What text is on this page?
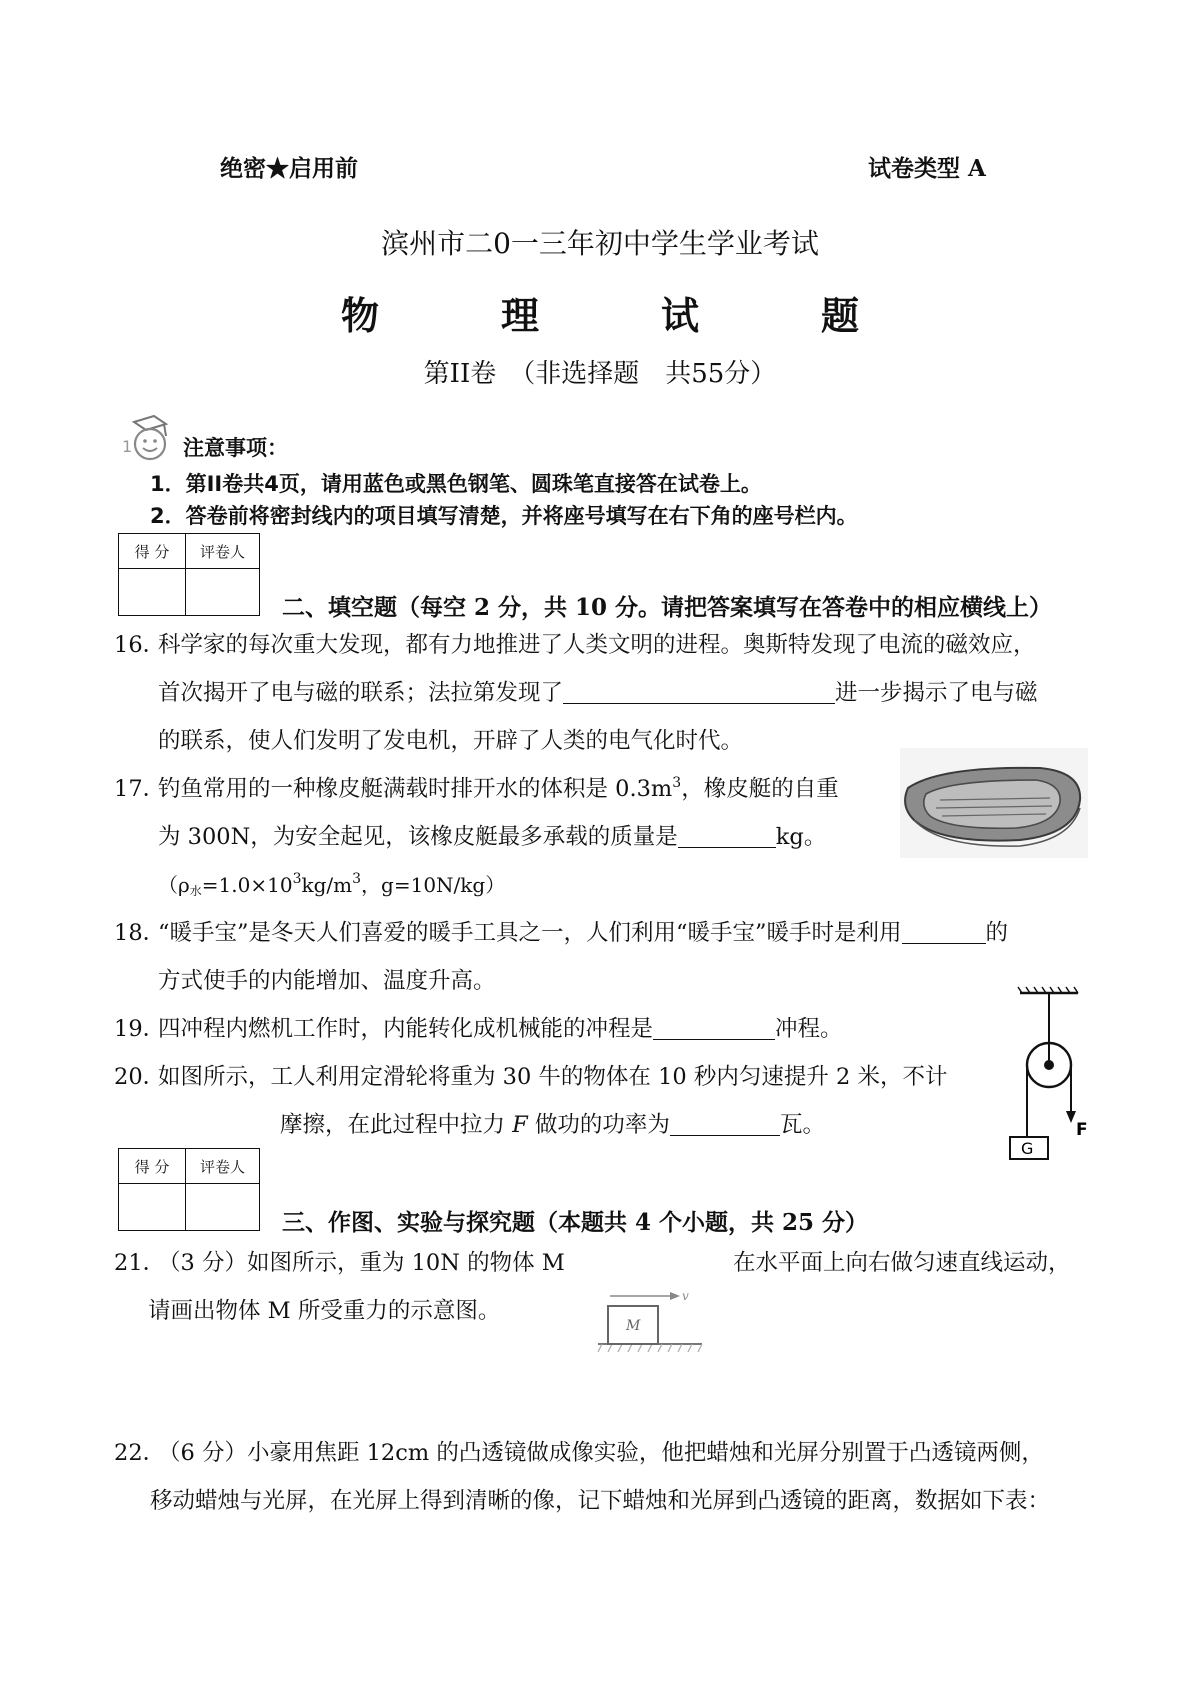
绝密★启用前	试卷类型 A
滨州市二0一三年初中学生学业考试
物　理　试　题
第II卷　（非选择题　共55分）
1 注意事项：
1．第II卷共4页，请用蓝色或黑色钢笔、圆珠笔直接答在试卷上。
2．答卷前将密封线内的项目填写清楚，并将座号填写在右下角的座号栏内。
得 分	评卷人

二、填空题（每空 2 分，共 10 分。请把答案填写在答卷中的相应横线上）
16．
科学家的每次重大发现，都有力地推进了人类文明的进程。奥斯特发现了电流的磁效应，
首次揭开了电与磁的联系；法拉第发现了	进一步揭示了电与磁
的联系，使人们发明了发电机，开辟了人类的电气化时代。
17．
钓鱼常用的一种橡皮艇满载时排开水的体积是 $0.3m^3$，橡皮艇的自重
为 300N，为安全起见，该橡皮艇最多承载的质量是	kg。
（$\rho_水=1.0\times 10^3kg/m^3$，g=10N/kg）
18．
“暖手宝”是冬天人们喜爱的暖手工具之一，人们利用“暖手宝”暖手时是利用	的
方式使手的内能增加、温度升高。
19．
四冲程内燃机工作时，内能转化成机械能的冲程是	冲程。
20．
如图所示，工人利用定滑轮将重为 30 牛的物体在 10 秒内匀速提升 2 米，不计
摩擦，在此过程中拉力 F 做功的功率为	瓦。	F
G
得 分	评卷人

三、作图、实验与探究题（本题共 4 个小题，共 25 分）
21．
（3 分）如图所示，重为 10N 的物体 M	在水平面上向右做匀速直线运动，
请画出物体 M 所受重力的示意图。
M
v
22．
（6 分）小豪用焦距 12cm 的凸透镜做成像实验，他把蜡烛和光屏分别置于凸透镜两侧，
移动蜡烛与光屏，在光屏上得到清晰的像，记下蜡烛和光屏到凸透镜的距离，数据如下表：
